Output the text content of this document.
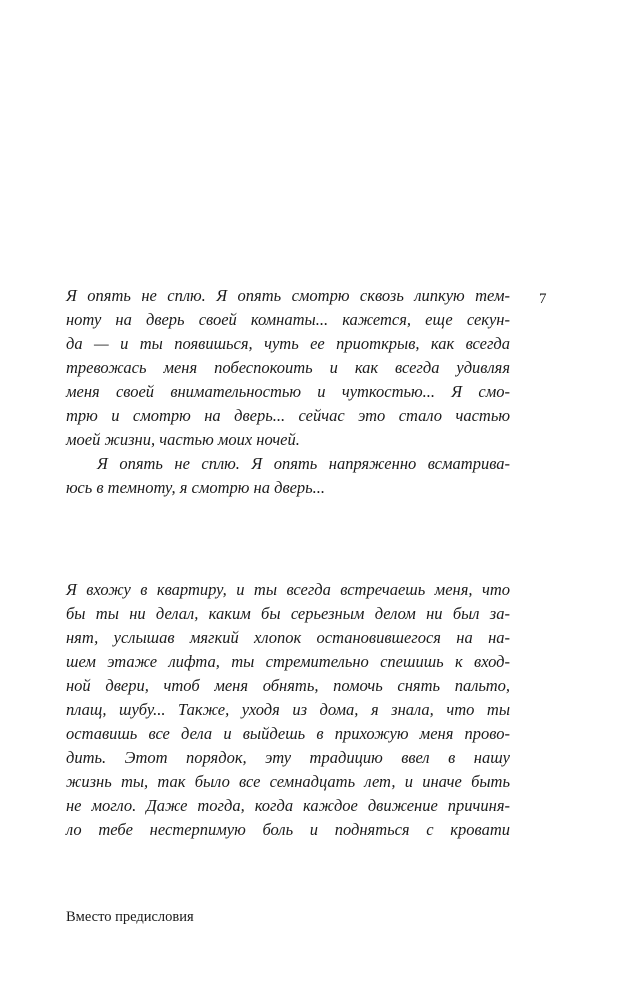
7
Я опять не сплю. Я опять смотрю сквозь липкую тем-
ноту на дверь своей комнаты... кажется, еще секун-
да — и ты появишься, чуть ее приоткрыв, как всегда
тревожась меня побеспокоить и как всегда удивляя
меня своей внимательностью и чуткостью... Я смо-
трю и смотрю на дверь... сейчас это стало частью
моей жизни, частью моих ночей.
Я опять не сплю. Я опять напряженно всматрива-
юсь в темноту, я смотрю на дверь...
Я вхожу в квартиру, и ты всегда встречаешь меня, что
бы ты ни делал, каким бы серьезным делом ни был за-
нят, услышав мягкий хлопок остановившегося на на-
шем этаже лифта, ты стремительно спешишь к вход-
ной двери, чтоб меня обнять, помочь снять пальто,
плащ, шубу... Также, уходя из дома, я знала, что ты
оставишь все дела и выйдешь в прихожую меня прово-
дить. Этот порядок, эту традицию ввел в нашу
жизнь ты, так было все семнадцать лет, и иначе быть
не могло. Даже тогда, когда каждое движение причиня-
ло тебе нестерпимую боль и подняться с кровати
Вместо предисловия
